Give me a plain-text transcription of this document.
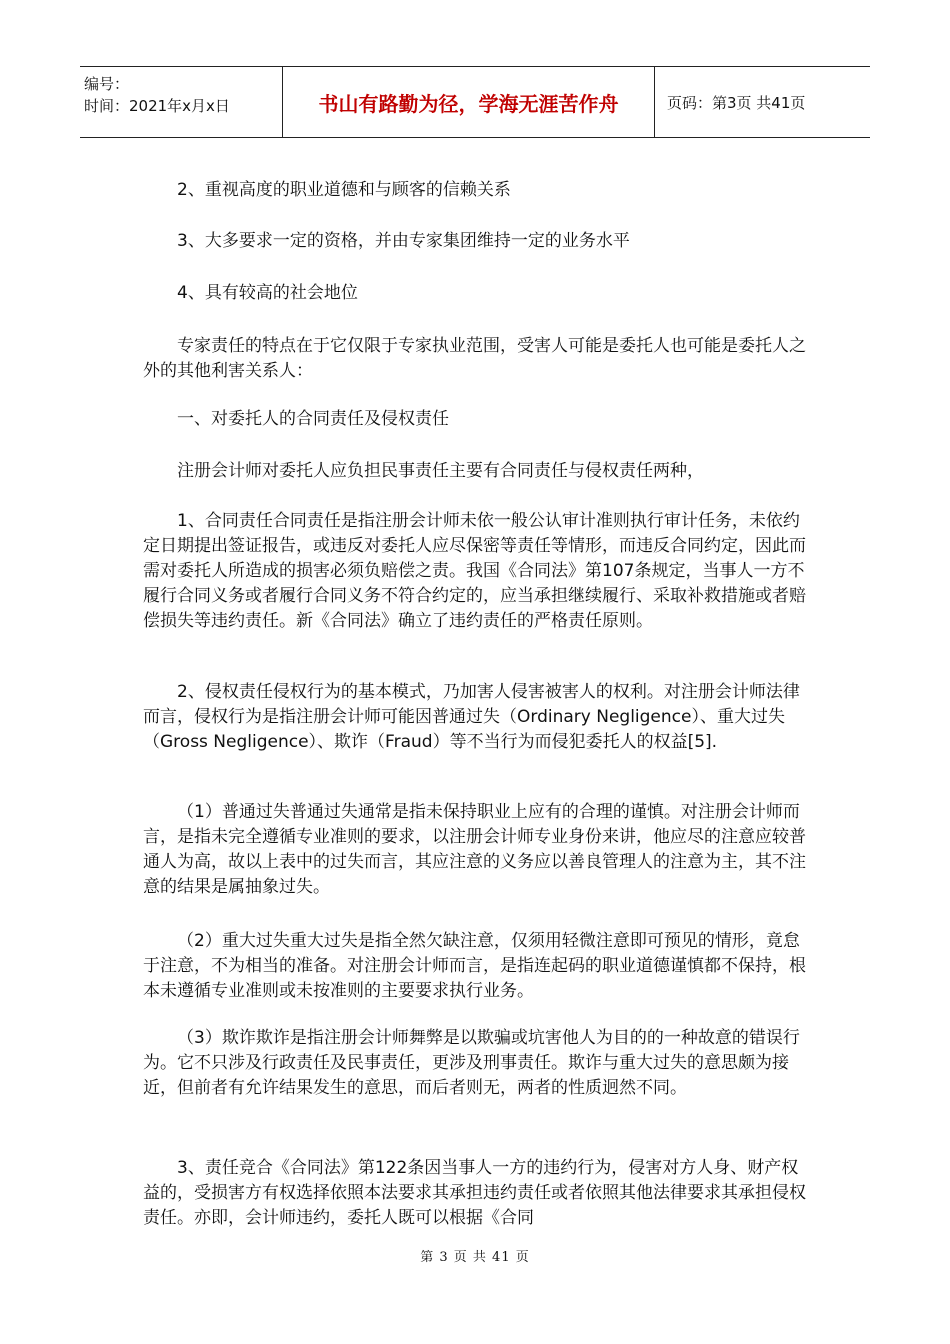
编号：
时间：2021年x月x日	书山有路勤为径，学海无涯苦作舟	页码：第3页 共41页

2、重视高度的职业道德和与顾客的信赖关系

3、大多要求一定的资格，并由专家集团维持一定的业务水平

4、具有较高的社会地位

专家责任的特点在于它仅限于专家执业范围，受害人可能是委托人也可能是委托人之外的其他利害关系人：

一、对委托人的合同责任及侵权责任

注册会计师对委托人应负担民事责任主要有合同责任与侵权责任两种，

1、合同责任合同责任是指注册会计师未依一般公认审计准则执行审计任务，未依约定日期提出签证报告，或违反对委托人应尽保密等责任等情形，而违反合同约定，因此而需对委托人所造成的损害必须负赔偿之责。我国《合同法》第107条规定，当事人一方不履行合同义务或者履行合同义务不符合约定的，应当承担继续履行、采取补救措施或者赔偿损失等违约责任。新《合同法》确立了违约责任的严格责任原则。

2、侵权责任侵权行为的基本模式，乃加害人侵害被害人的权利。对注册会计师法律而言，侵权行为是指注册会计师可能因普通过失（Ordinary Negligence）、重大过失（Gross Negligence）、欺诈（Fraud）等不当行为而侵犯委托人的权益[5].

（1）普通过失普通过失通常是指未保持职业上应有的合理的谨慎。对注册会计师而言，是指未完全遵循专业准则的要求，以注册会计师专业身份来讲，他应尽的注意应较普通人为高，故以上表中的过失而言，其应注意的义务应以善良管理人的注意为主，其不注意的结果是属抽象过失。

（2）重大过失重大过失是指全然欠缺注意，仅须用轻微注意即可预见的情形，竟怠于注意，不为相当的准备。对注册会计师而言，是指连起码的职业道德谨慎都不保持，根本未遵循专业准则或未按准则的主要要求执行业务。

（3）欺诈欺诈是指注册会计师舞弊是以欺骗或坑害他人为目的的一种故意的错误行为。它不只涉及行政责任及民事责任，更涉及刑事责任。欺诈与重大过失的意思颇为接近，但前者有允许结果发生的意思，而后者则无，两者的性质迥然不同。

3、责任竞合《合同法》第122条因当事人一方的违约行为，侵害对方人身、财产权益的，受损害方有权选择依照本法要求其承担违约责任或者依照其他法律要求其承担侵权责任。亦即，会计师违约，委托人既可以根据《合同

第 3 页 共 41 页
